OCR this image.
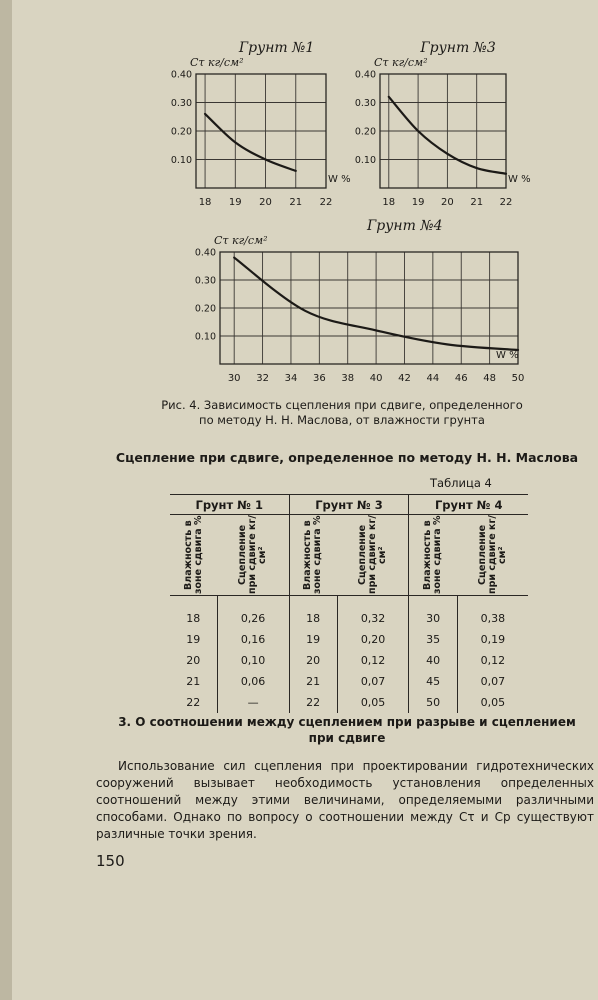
18 19 20 21 22
0.10
0.20
0.30
0.40
Грунт №1
Cτ кг/см²
W %
18 19 20 21 22
0.10
0.20
0.30
0.40
Грунт №3
Cτ кг/см²
W %
30 32 34 36 38 40 42 44 46 48 50
0.10
0.20
0.30
0.40
Грунт №4
Cτ кг/см²
W %
Рис. 4. Зависимость сцепления при сдвиге, определенного
по методу Н. Н. Маслова, от влажности грунта
Сцепление при сдвиге, определенное по методу Н. Н. Маслова
Таблица 4
Грунт № 1		Грунт № 3		Грунт № 4	

Влажность в зоне сдвига %	Сцепление при сдвиге кг/см²	Влажность в зоне сдвига %	Сцепление при сдвиге кг/см²	Влажность в зоне сдвига %	Сцепление при сдвиге кг/см²

18	0,26	18	0,32	30	0,38
19	0,16	19	0,20	35	0,19
20	0,10	20	0,12	40	0,12
21	0,06	21	0,07	45	0,07
22	—	22	0,05	50	0,05
3. О соотношении между сцеплением при разрыве и сцеплением
при сдвиге
Использование сил сцепления при проектировании гидротехнических сооружений вызывает необходимость установления определенных соотношений между этими величинами, определяемыми различными способами. Однако по вопросу о соотношении между Cτ и Cр существуют различные точки зрения.
150
